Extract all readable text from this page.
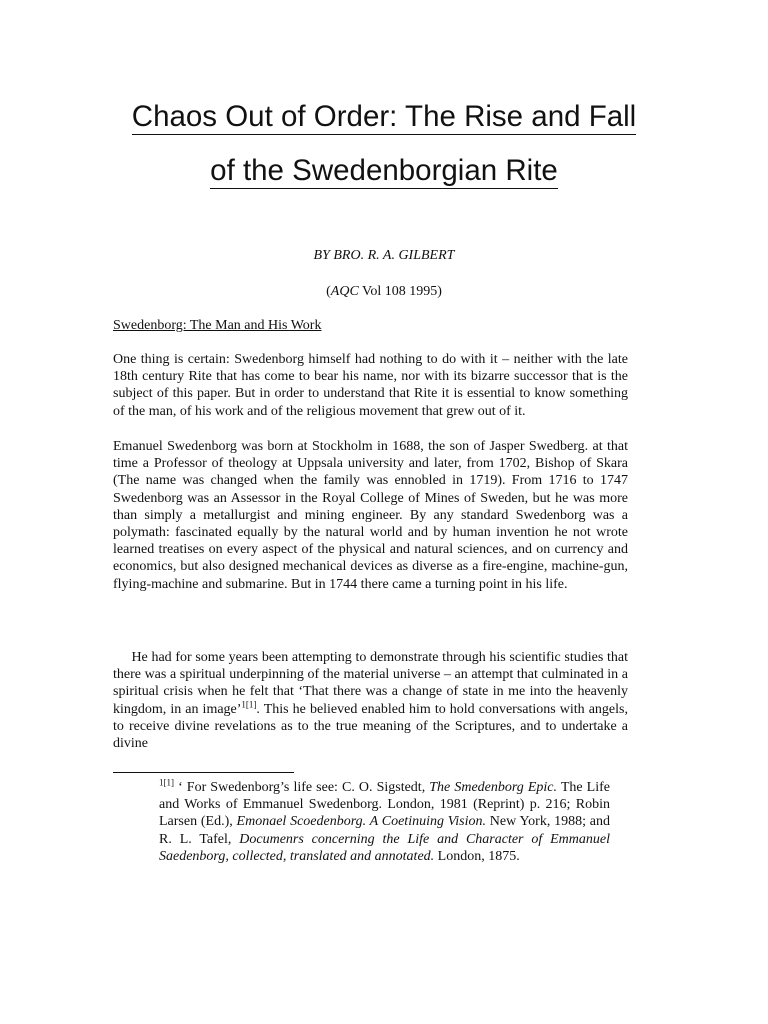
Chaos Out of Order: The Rise and Fall
of the Swedenborgian Rite
BY BRO. R. A. GILBERT
(AQC Vol 108 1995)
Swedenborg: The Man and His Work

One thing is certain: Swedenborg himself had nothing to do with it – neither with the late 18th century Rite that has come to bear his name, nor with its bizarre successor that is the subject of this paper. But in order to understand that Rite it is essential to know something of the man, of his work and of the religious movement that grew out of it.

Emanuel Swedenborg was born at Stockholm in 1688, the son of Jasper Swedberg. at that time a Professor of theology at Uppsala university and later, from 1702, Bishop of Skara (The name was changed when the family was ennobled in 1719). From 1716 to 1747 Swedenborg was an Assessor in the Royal College of Mines of Sweden, but he was more than simply a metallurgist and mining engineer. By any standard Swedenborg was a polymath: fascinated equally by the natural world and by human invention he not wrote learned treatises on every aspect of the physical and natural sciences, and on currency and economics, but also designed mechanical devices as diverse as a fire-engine, machine-gun, flying-machine and submarine. But in 1744 there came a turning point in his life.

He had for some years been attempting to demonstrate through his scientific studies that there was a spiritual underpinning of the material universe – an attempt that culminated in a spiritual crisis when he felt that ‘That there was a change of state in me into the heavenly kingdom, in an image’$^{1[1]}$. This he believed enabled him to hold conversations with angels, to receive divine revelations as to the true meaning of the Scriptures, and to undertake a divine

$^{1[1]}$ ‘ For Swedenborg’s life see: C. O. Sigstedt, The Smedenborg Epic. The Life and Works of Emmanuel Swedenborg. London, 1981 (Reprint) p. 216; Robin Larsen (Ed.), Emonael Scoedenborg. A Coetinuing Vision. New York, 1988; and R. L. Tafel, Documenrs concerning the Life and Character of Emmanuel Saedenborg, collected, translated and annotated. London, 1875.
